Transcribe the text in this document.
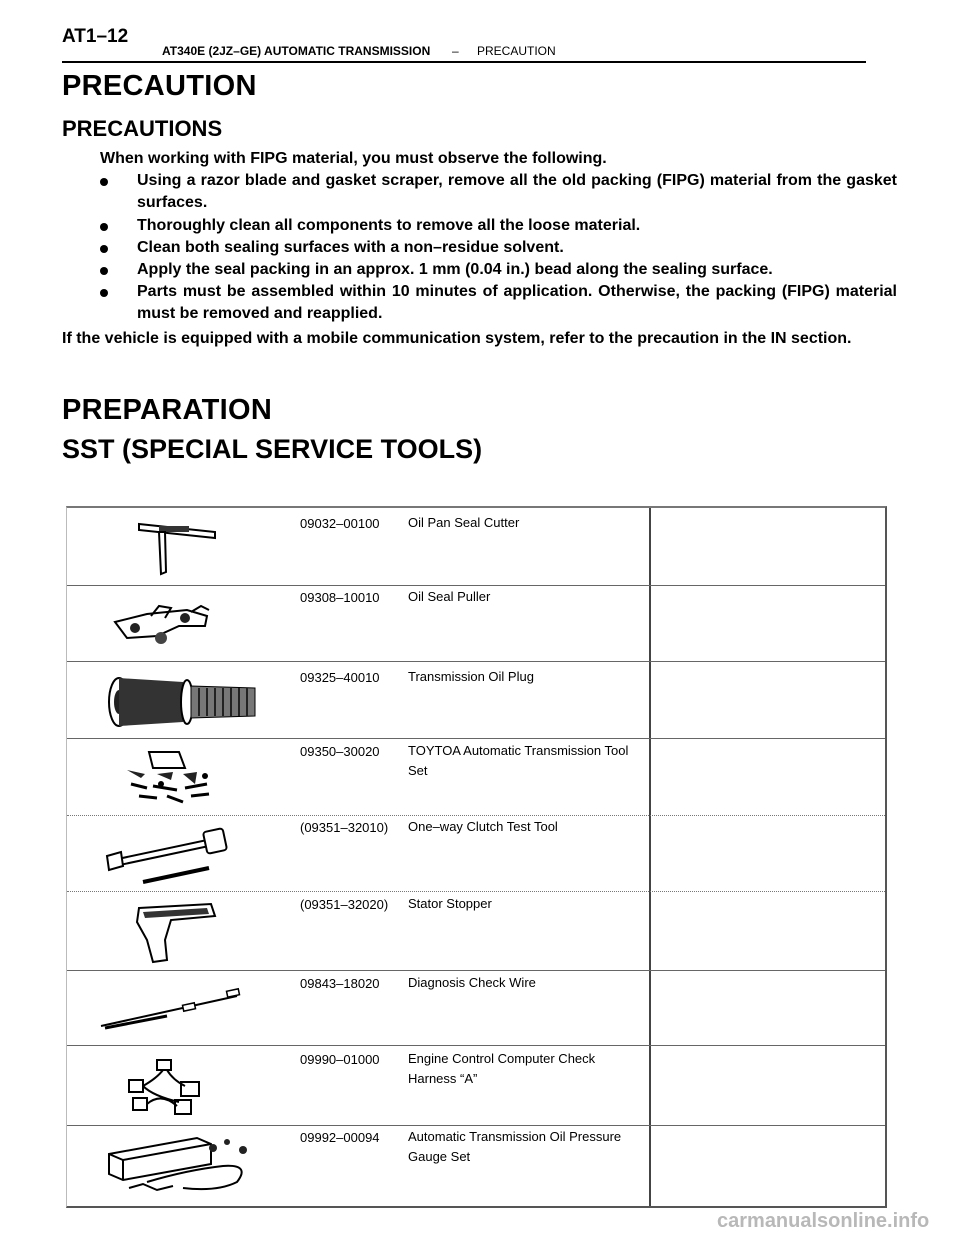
AT1–12
AT340E (2JZ–GE) AUTOMATIC TRANSMISSION – PRECAUTION
PRECAUTION
PRECAUTIONS
When working with FIPG material, you must observe the following.
Using a razor blade and gasket scraper, remove all the old packing (FIPG) material from the gasket surfaces.
Thoroughly clean all components to remove all the loose material.
Clean both sealing surfaces with a non–residue solvent.
Apply the seal packing in an approx. 1 mm (0.04 in.) bead along the sealing surface.
Parts must be assembled within 10 minutes of application. Otherwise, the packing (FIPG) material must be removed and reapplied.
If the vehicle is equipped with a mobile communication system, refer to the precaution in the IN section.
PREPARATION
SST (SPECIAL SERVICE TOOLS)
09032–00100 Oil Pan Seal Cutter
09308–10010 Oil Seal Puller
09325–40010 Transmission Oil Plug
09350–30020 TOYTOA Automatic Transmission Tool Set
(09351–32010) One–way Clutch Test Tool
(09351–32020) Stator Stopper
09843–18020 Diagnosis Check Wire
09990–01000 Engine Control Computer Check Harness “A”
09992–00094 Automatic Transmission Oil Pressure Gauge Set
carmanualsonline.info
